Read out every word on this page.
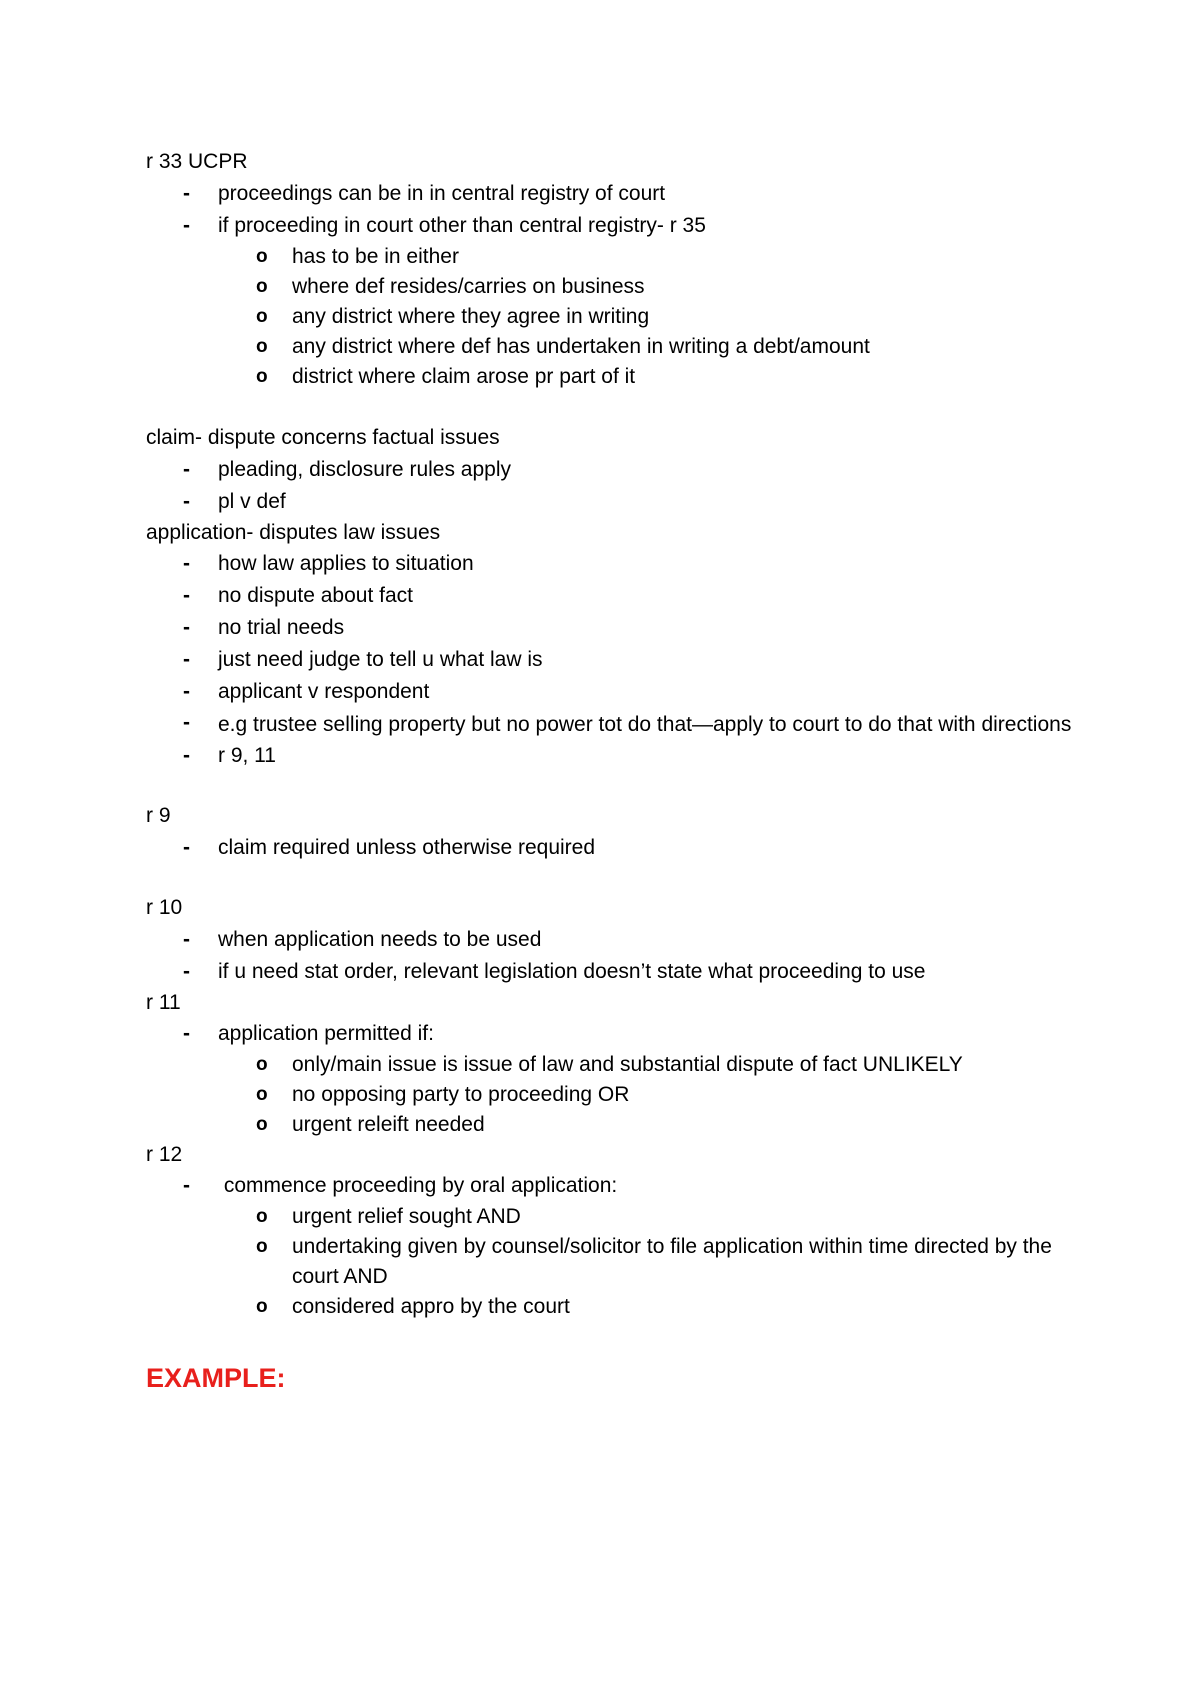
r 33 UCPR
- proceedings can be in in central registry of court
- if proceeding in court other than central registry- r 35
o has to be in either
o where def resides/carries on business
o any district where they agree in writing
o any district where def has undertaken in writing a debt/amount
o district where claim arose pr part of it
claim- dispute concerns factual issues
- pleading, disclosure rules apply
- pl v def
application- disputes law issues
- how law applies to situation
- no dispute about fact
- no trial needs
- just need judge to tell u what law is
- applicant v respondent
- e.g trustee selling property but no power tot do that—apply to court to do that with directions
- r 9, 11
r 9
- claim required unless otherwise required
r 10
- when application needs to be used
- if u need stat order, relevant legislation doesn’t state what proceeding to use
r 11
- application permitted if:
o only/main issue is issue of law and substantial dispute of fact UNLIKELY
o no opposing party to proceeding OR
o urgent releift needed
r 12
- commence proceeding by oral application:
o urgent relief sought AND
o undertaking given by counsel/solicitor to file application within time directed by the court AND
o considered appro by the court
EXAMPLE:
